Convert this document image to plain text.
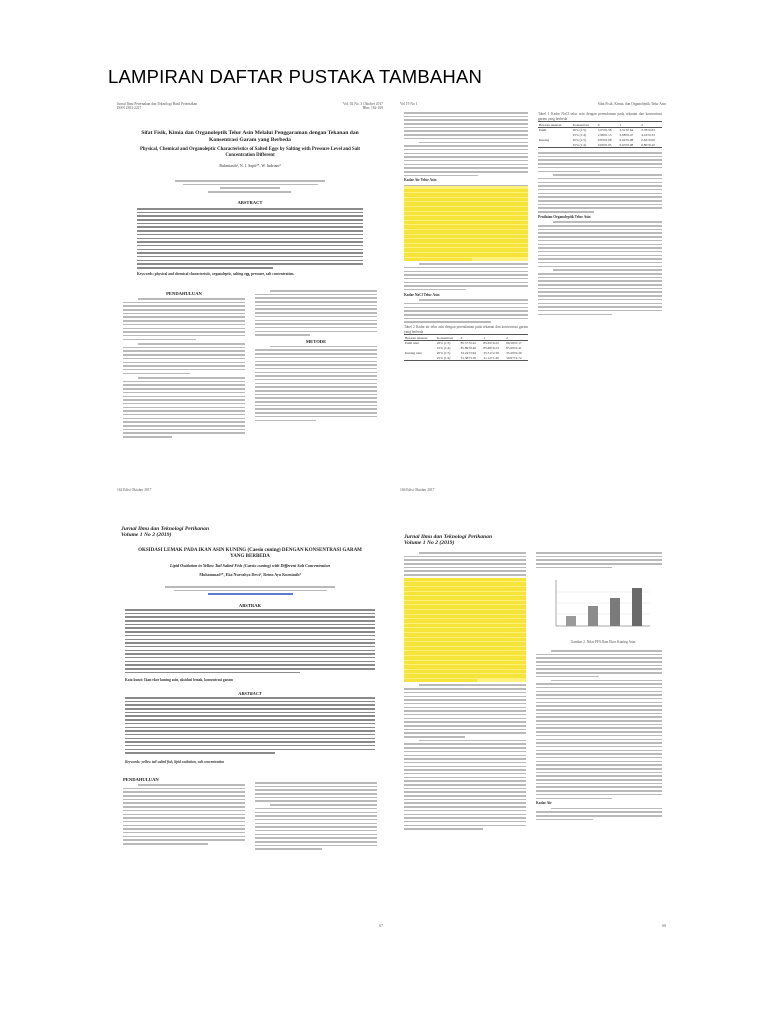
LAMPIRAN DAFTAR PUSTAKA TAMBAHAN
Jurnal Ilmu Peternakan dan Teknologi Hasil Peternakan
ISSN 2303-2227
Vol. 02 No. 3 Oktober 2017
Hlm: 162-169
Sifat Fisik, Kimia dan Organoleptik Telur Asin Melalui Penggaraman dengan Tekanan dan Konsentrasi Garam yang Berbeda
Physical, Chemical and Organoleptic Characteristics of Salted Eggs by Salting with Pressure Level and Salt Concentration Different
Rukmiasih¹, N. I. Sapti²*, W. Indriani³
ABSTRACT
Keywords: physical and chemical characteristic, organoleptic, salting egg, pressure, salt concentration.
PENDAHULUAN
METODE
162 Edisi Oktober 2017
Vol 19 No 1	Sifat Fisik, Kimia, dan Organoleptik Telur Asin
Kadar Air Telur Asin
Kadar NaCl Telur Asin
Tabel 2 Kadar air telur asin dengan perendaman pada tekanan dan konsentrasi garam yang berbeda
Besaran tekanan	Konsentrasi	0	1	2
Putih telur	20% (1:5)	85.57±0.22	85.65±0.22	86.56±0.17
	25% (1:4)	85.89±0.40	85.69±0.23	85.69±0.41
Kuning telur	20% (1:5)	33.24±3.94	35.51±2.39	35.29±0.29
	25% (1:4)	31.58±3.16	31.12±1.40	30.97±2.72
Tabel 1 Kadar NaCl telur asin dengan perendaman pada tekanan dan konsentrasi garam yang berbeda
Besaran tekanan	Konsentrasi	0	1	2
Putih	20% (1:5)	3.05±0.58	3.31±0.64	3.78±0.63
	25% (1:4)	2.98±0.13	2.98±0.47	4.16±0.33
Kuning	20% (1:5)	0.83±0.08	0.62±0.08	0.62±0.06
	25% (1:4)	0.66±0.05	0.63±0.08	0.80±0.10
Penilaian Organoleptik Telur Asin
166 Edisi Oktober 2017
Jurnal Ilmu dan Teknologi Perikanan
Volume 1 No 2 (2019)
OKSIDASI LEMAK PADA IKAN ASIN KUNING (Caesio cuning) DENGAN KONSENTRASI GARAM YANG BERBEDA
Lipid Oxidation in Yellow Tail Salted Fish (Caesio cuning) with Different Salt Concentration
Muhammad¹*, Eka Nurrahya Dewi², Retno Ayu Kurniasih³
ABSTRAK
Kata kunci: Ikan ekor kuning asin, oksidasi lemak, konsentrasi garam
ABSTRACT
Keywords: yellow tail salted fish, lipid oxidation, salt concentration
PENDAHULUAN
67
Jurnal Ilmu dan Teknologi Perikanan
Volume 1 No 2 (2019)
Gambar 2. Nilai FFA Ikan Ekor Kuning Asin
Kadar Air
68
